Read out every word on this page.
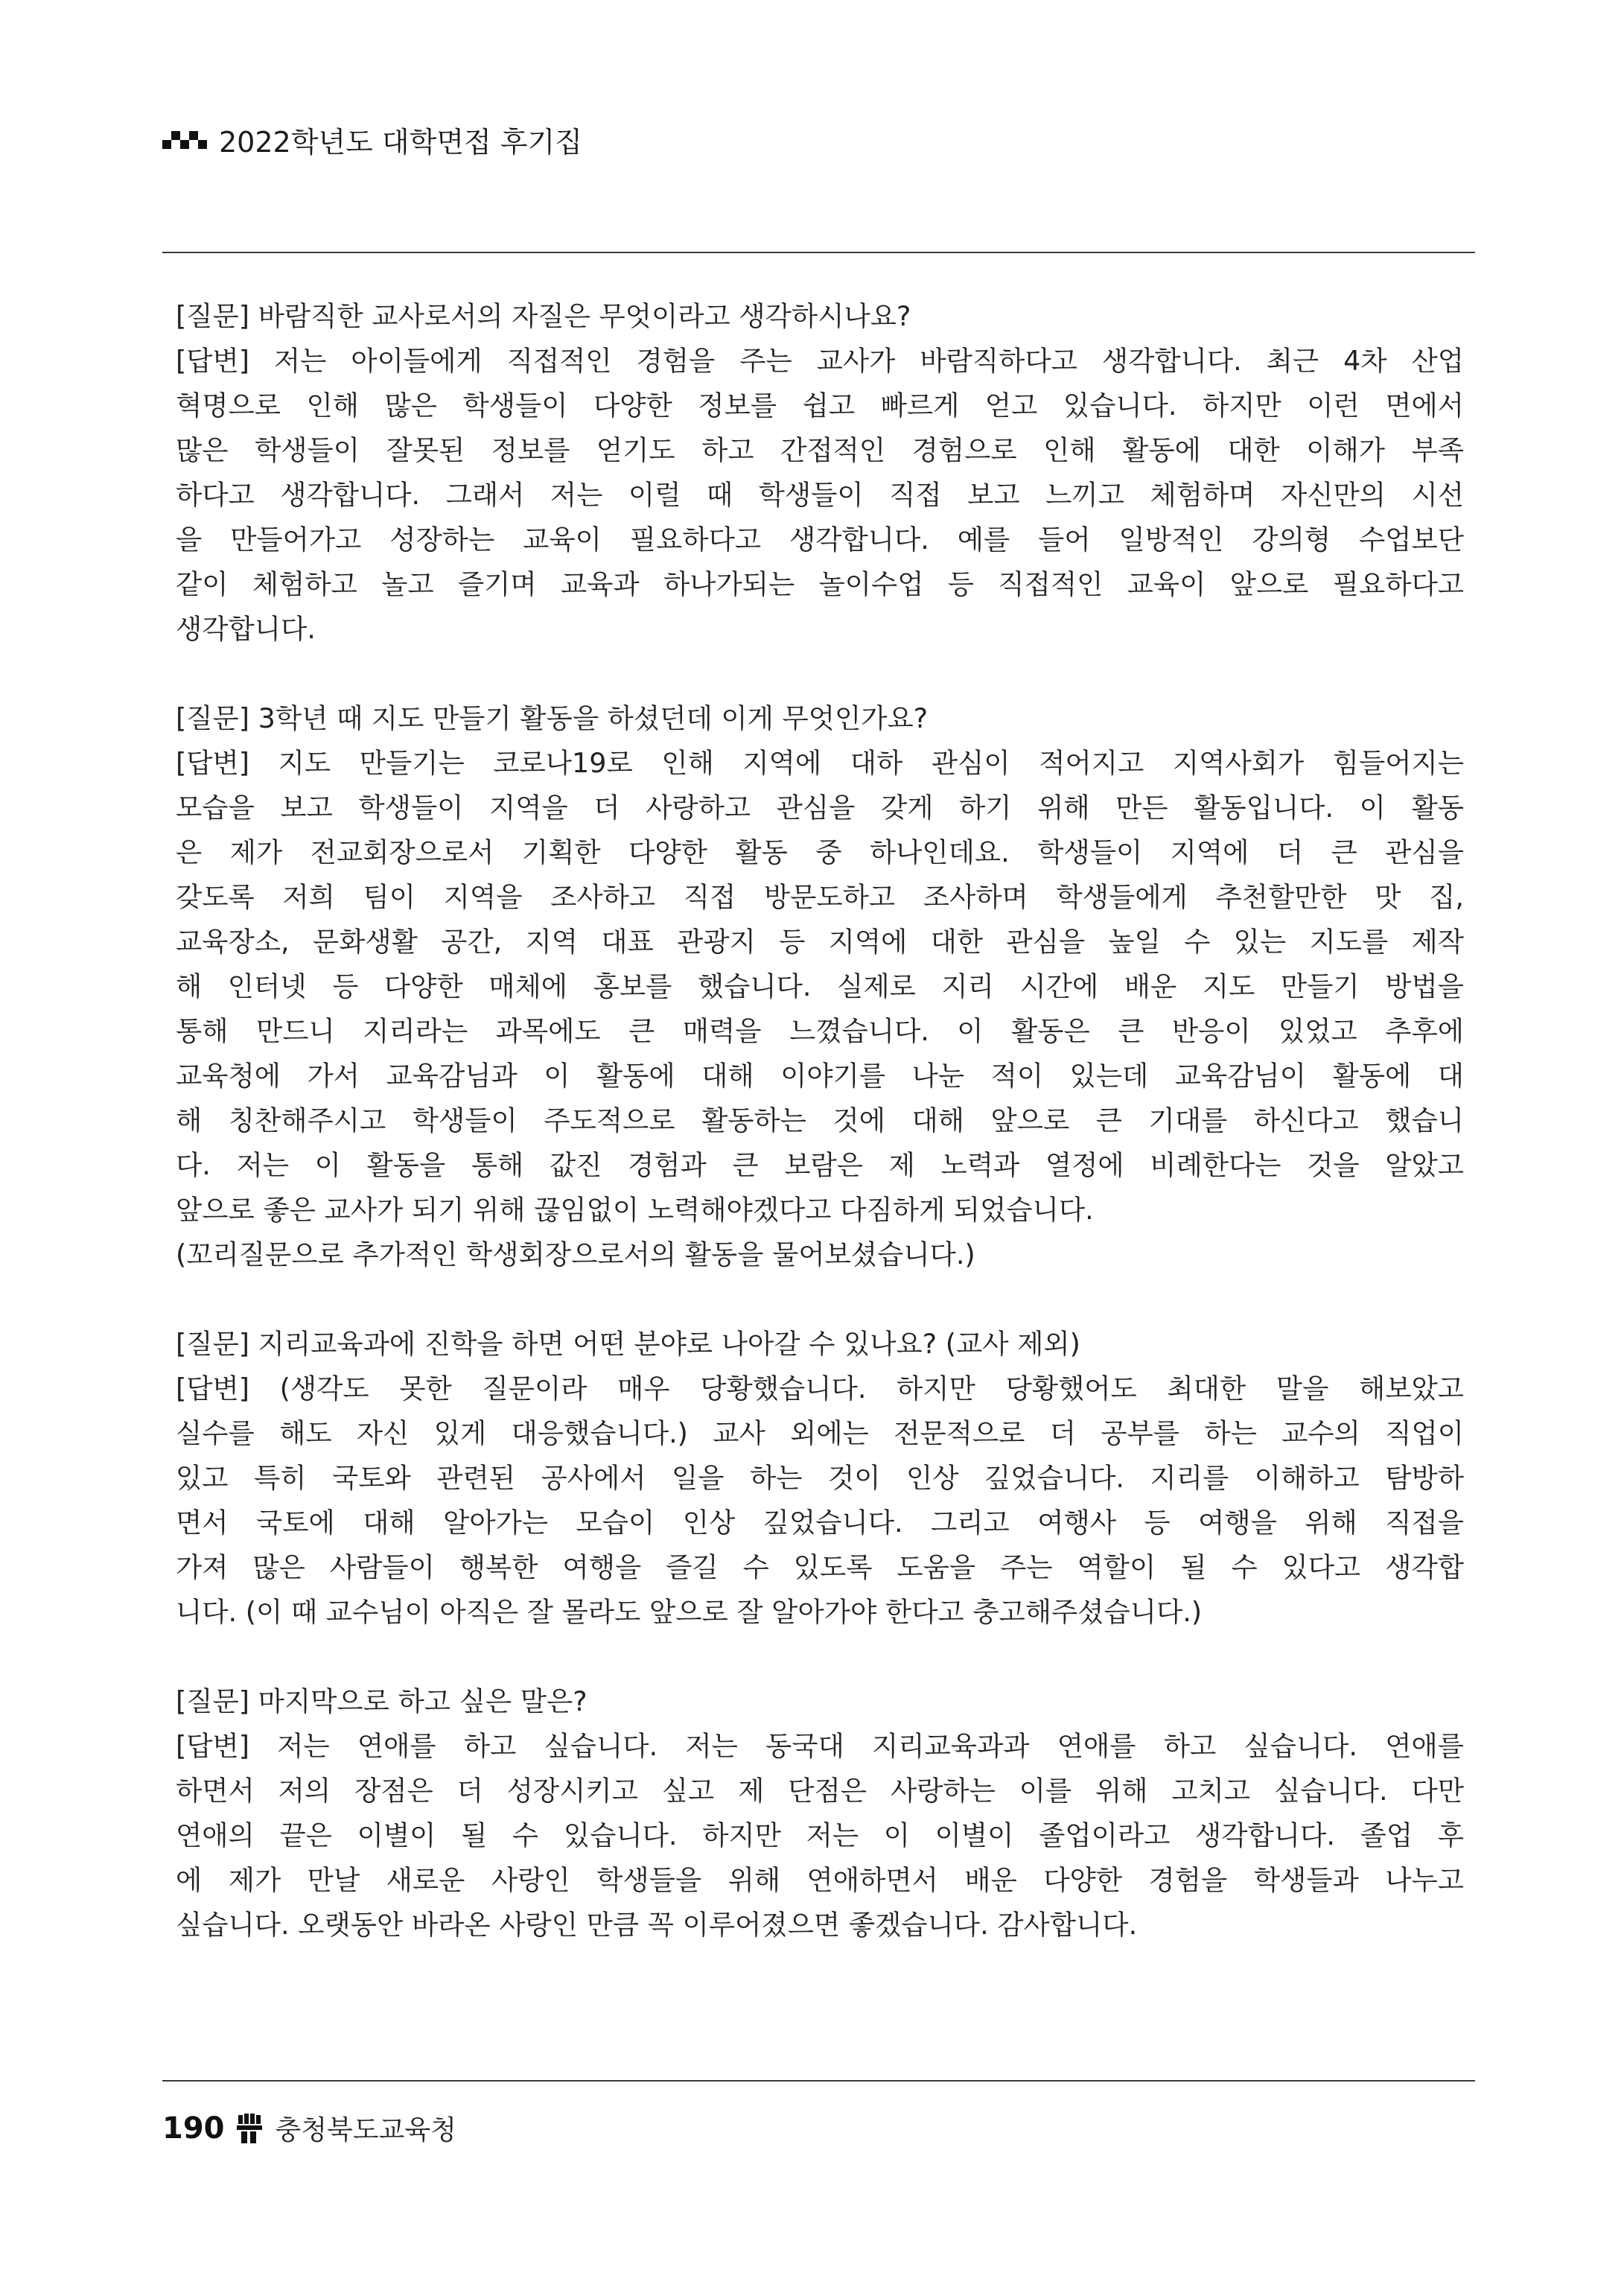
2022학년도 대학면접 후기집
[질문] 바람직한 교사로서의 자질은 무엇이라고 생각하시나요?
[답변] 저는 아이들에게 직접적인 경험을 주는 교사가 바람직하다고 생각합니다. 최근 4차 산업
혁명으로 인해 많은 학생들이 다양한 정보를 쉽고 빠르게 얻고 있습니다. 하지만 이런 면에서
많은 학생들이 잘못된 정보를 얻기도 하고 간접적인 경험으로 인해 활동에 대한 이해가 부족
하다고 생각합니다. 그래서 저는 이럴 때 학생들이 직접 보고 느끼고 체험하며 자신만의 시선
을 만들어가고 성장하는 교육이 필요하다고 생각합니다. 예를 들어 일방적인 강의형 수업보단
같이 체험하고 놀고 즐기며 교육과 하나가되는 놀이수업 등 직접적인 교육이 앞으로 필요하다고
생각합니다.
[질문] 3학년 때 지도 만들기 활동을 하셨던데 이게 무엇인가요?
[답변] 지도 만들기는 코로나19로 인해 지역에 대하 관심이 적어지고 지역사회가 힘들어지는
모습을 보고 학생들이 지역을 더 사랑하고 관심을 갖게 하기 위해 만든 활동입니다. 이 활동
은 제가 전교회장으로서 기획한 다양한 활동 중 하나인데요. 학생들이 지역에 더 큰 관심을
갖도록 저희 팀이 지역을 조사하고 직접 방문도하고 조사하며 학생들에게 추천할만한 맛 집,
교육장소, 문화생활 공간, 지역 대표 관광지 등 지역에 대한 관심을 높일 수 있는 지도를 제작
해 인터넷 등 다양한 매체에 홍보를 했습니다. 실제로 지리 시간에 배운 지도 만들기 방법을
통해 만드니 지리라는 과목에도 큰 매력을 느꼈습니다. 이 활동은 큰 반응이 있었고 추후에
교육청에 가서 교육감님과 이 활동에 대해 이야기를 나눈 적이 있는데 교육감님이 활동에 대
해 칭찬해주시고 학생들이 주도적으로 활동하는 것에 대해 앞으로 큰 기대를 하신다고 했습니
다. 저는 이 활동을 통해 값진 경험과 큰 보람은 제 노력과 열정에 비례한다는 것을 알았고
앞으로 좋은 교사가 되기 위해 끊임없이 노력해야겠다고 다짐하게 되었습니다.
(꼬리질문으로 추가적인 학생회장으로서의 활동을 물어보셨습니다.)
[질문] 지리교육과에 진학을 하면 어떤 분야로 나아갈 수 있나요? (교사 제외)
[답변] (생각도 못한 질문이라 매우 당황했습니다. 하지만 당황했어도 최대한 말을 해보았고
실수를 해도 자신 있게 대응했습니다.) 교사 외에는 전문적으로 더 공부를 하는 교수의 직업이
있고 특히 국토와 관련된 공사에서 일을 하는 것이 인상 깊었습니다. 지리를 이해하고 탐방하
면서 국토에 대해 알아가는 모습이 인상 깊었습니다. 그리고 여행사 등 여행을 위해 직접을
가져 많은 사람들이 행복한 여행을 즐길 수 있도록 도움을 주는 역할이 될 수 있다고 생각합
니다. (이 때 교수님이 아직은 잘 몰라도 앞으로 잘 알아가야 한다고 충고해주셨습니다.)
[질문] 마지막으로 하고 싶은 말은?
[답변] 저는 연애를 하고 싶습니다. 저는 동국대 지리교육과과 연애를 하고 싶습니다. 연애를
하면서 저의 장점은 더 성장시키고 싶고 제 단점은 사랑하는 이를 위해 고치고 싶습니다. 다만
연애의 끝은 이별이 될 수 있습니다. 하지만 저는 이 이별이 졸업이라고 생각합니다. 졸업 후
에 제가 만날 새로운 사랑인 학생들을 위해 연애하면서 배운 다양한 경험을 학생들과 나누고
싶습니다. 오랫동안 바라온 사랑인 만큼 꼭 이루어졌으면 좋겠습니다. 감사합니다.
190 충청북도교육청
